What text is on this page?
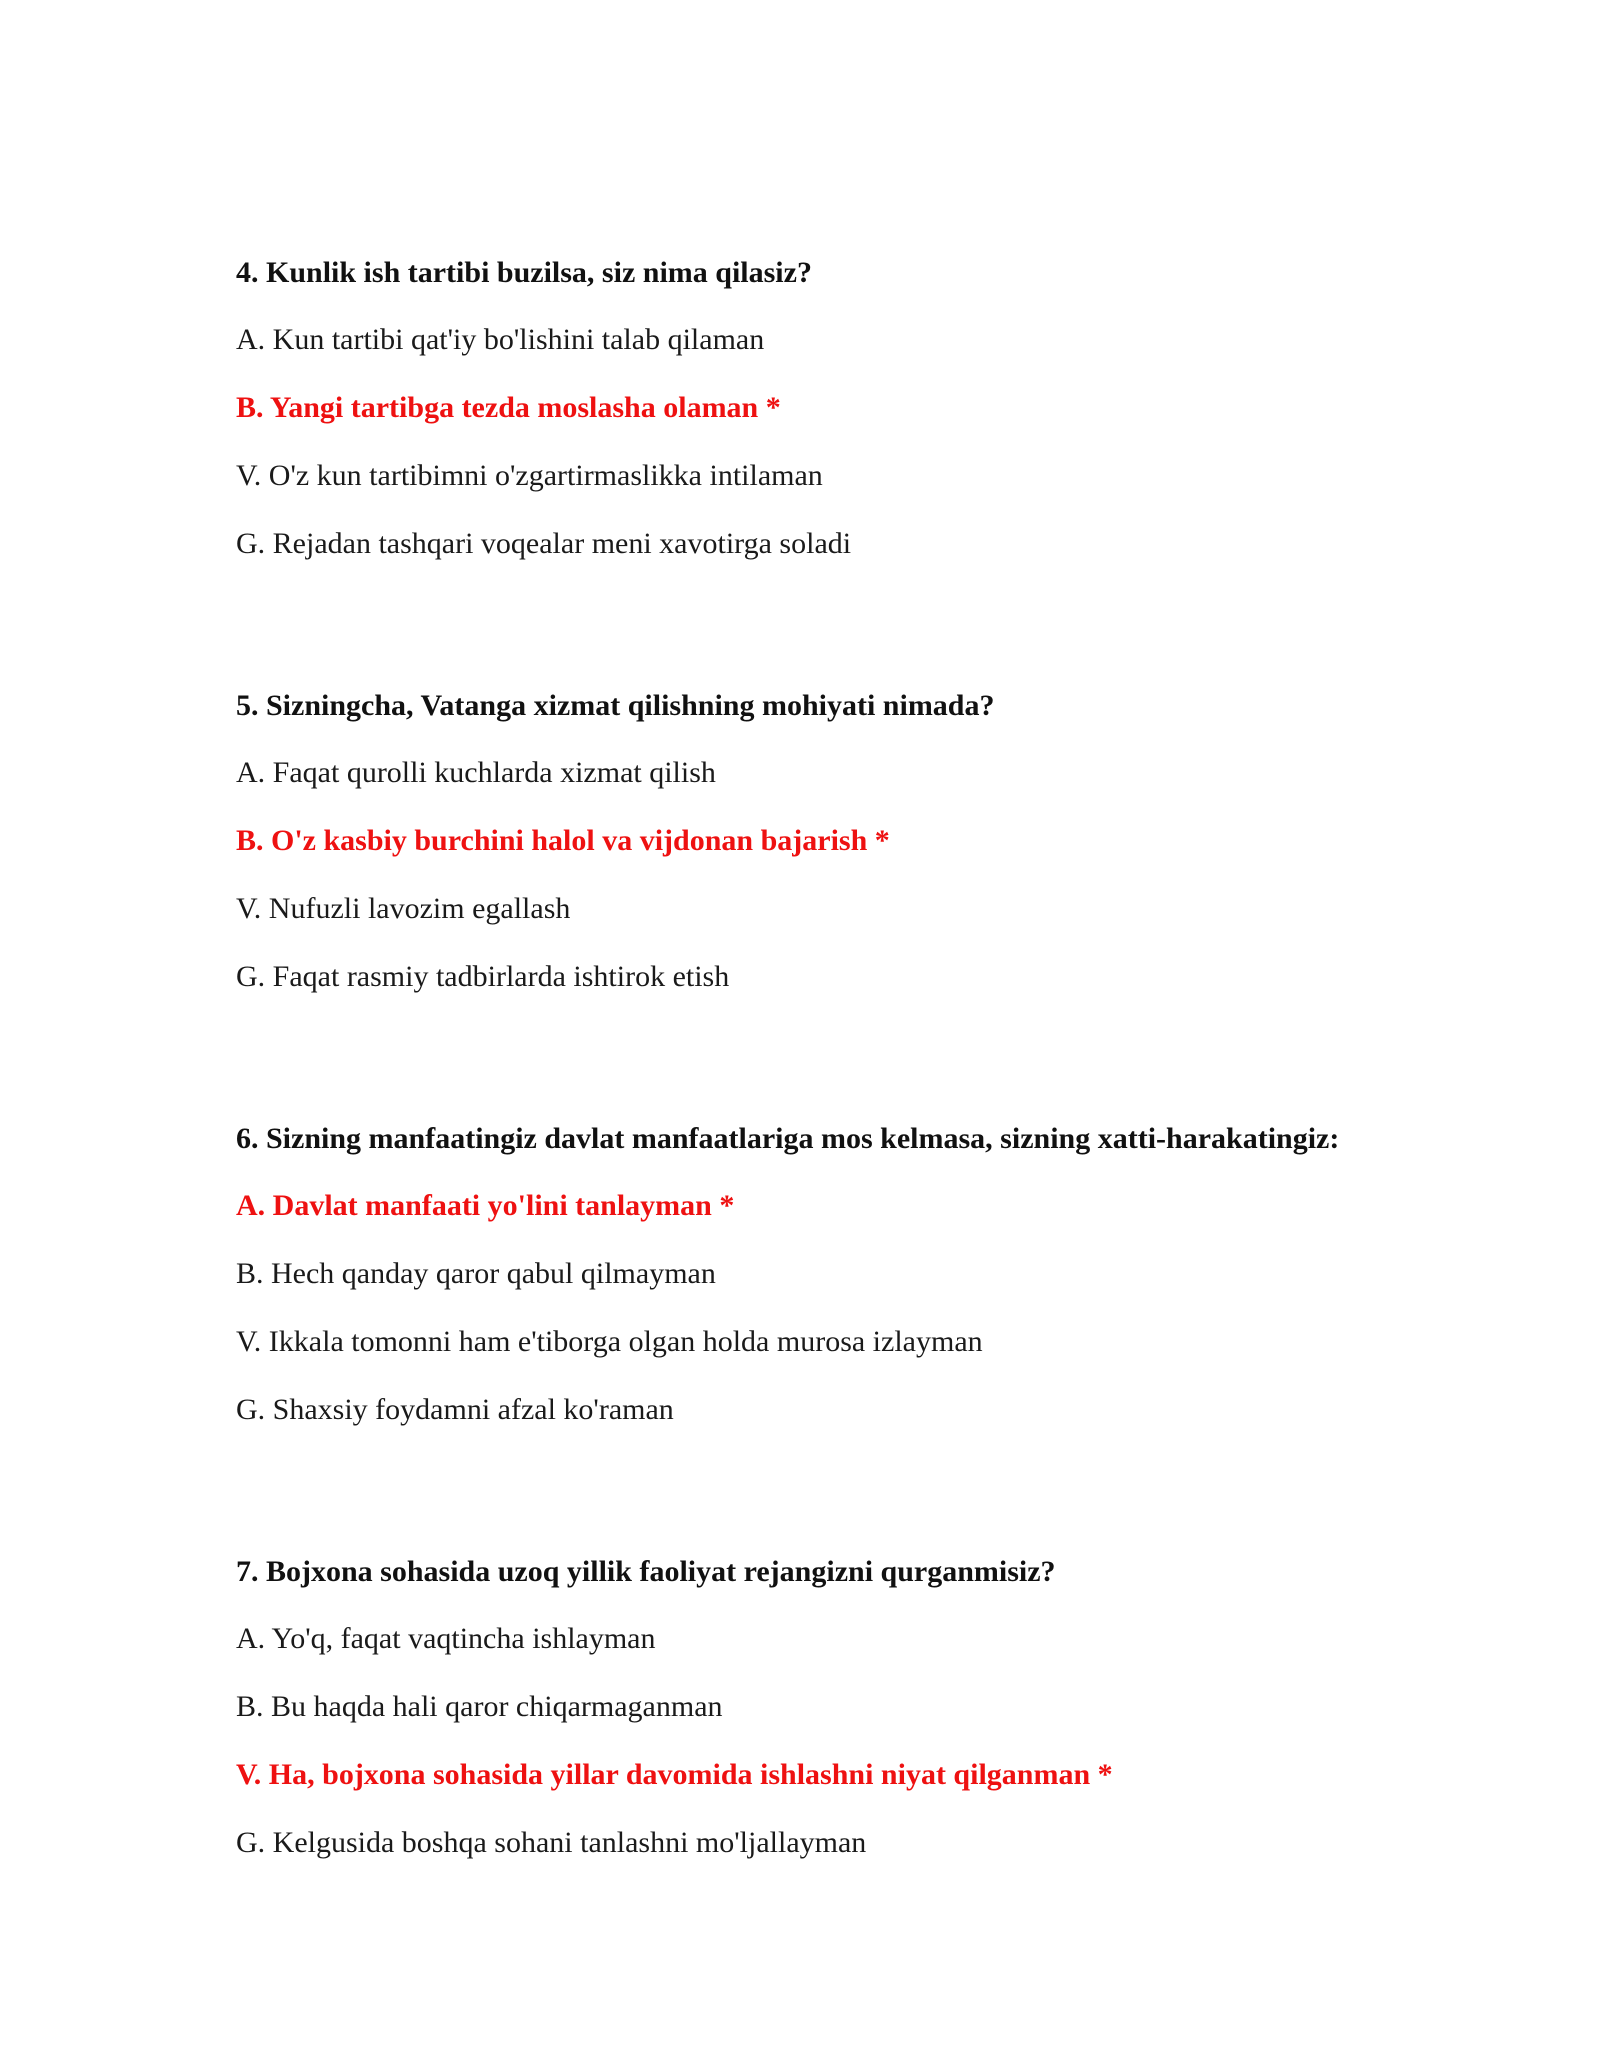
4. Kunlik ish tartibi buzilsa, siz nima qilasiz?

A. Kun tartibi qat'iy bo'lishini talab qilaman

B. Yangi tartibga tezda moslasha olaman *

V. O'z kun tartibimni o'zgartirmaslikka intilaman

G. Rejadan tashqari voqealar meni xavotirga soladi

5. Sizningcha, Vatanga xizmat qilishning mohiyati nimada?

A. Faqat qurolli kuchlarda xizmat qilish

B. O'z kasbiy burchini halol va vijdonan bajarish *

V. Nufuzli lavozim egallash

G. Faqat rasmiy tadbirlarda ishtirok etish

6. Sizning manfaatingiz davlat manfaatlariga mos kelmasa, sizning xatti-harakatingiz:

A. Davlat manfaati yo'lini tanlayman *

B. Hech qanday qaror qabul qilmayman

V. Ikkala tomonni ham e'tiborga olgan holda murosa izlayman

G. Shaxsiy foydamni afzal ko'raman

7. Bojxona sohasida uzoq yillik faoliyat rejangizni qurganmisiz?

A. Yo'q, faqat vaqtincha ishlayman

B. Bu haqda hali qaror chiqarmaganman

V. Ha, bojxona sohasida yillar davomida ishlashni niyat qilganman *

G. Kelgusida boshqa sohani tanlashni mo'ljallayman
